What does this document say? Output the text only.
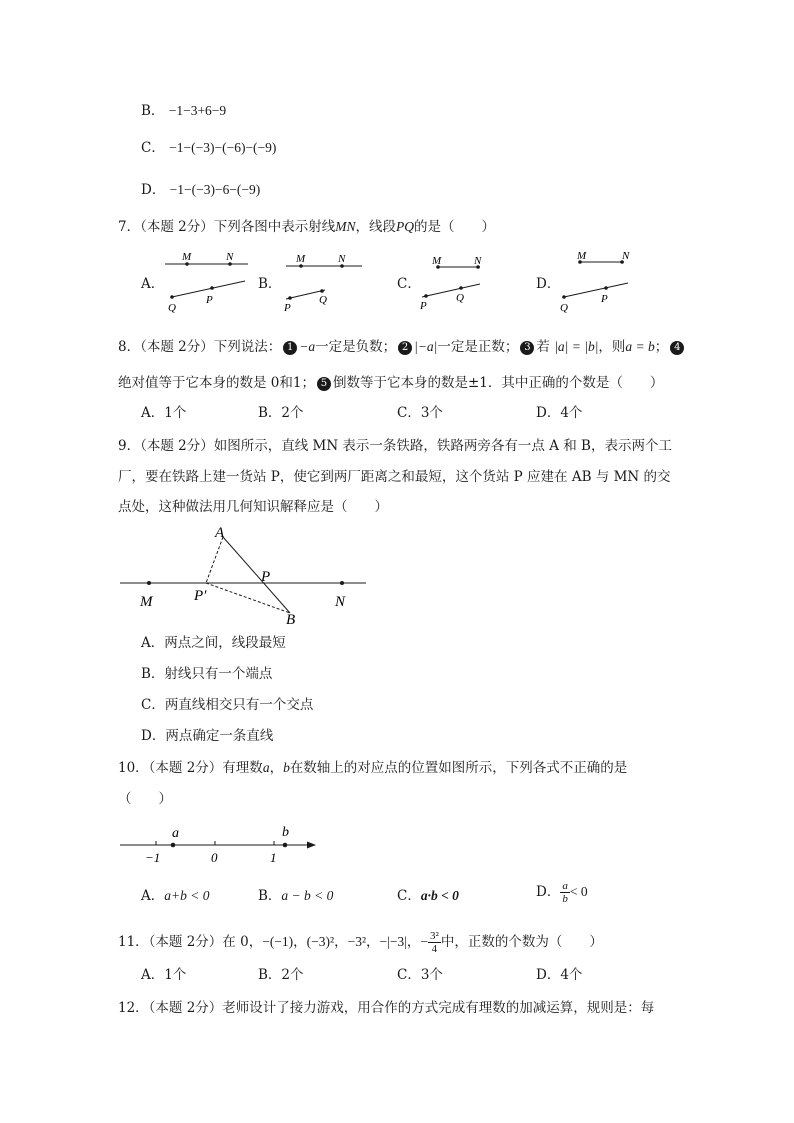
B． −1−3+6−9
C． −1−(−3)−(−6)−(−9)
D． −1−(−3)−6−(−9)
7．（本题 2分）下列各图中表示射线MN，线段PQ的是（　　）
A．	B．	C．	D．
M	N
Q
P
M	N
P
Q
M	N
P
Q
M	N
Q
P
8．（本题 2分）下列说法： 1 −a一定是负数； 2 |−a|一定是正数； 3 若 |a| = |b|，则a = b； 4
绝对值等于它本身的数是 0和1； 5 倒数等于它本身的数是±1．其中正确的个数是（　　）
A．1个	B．2个	C．3个	D．4个
9．（本题 2分）如图所示，直线 MN 表示一条铁路，铁路两旁各有一点 A 和 B，表示两个工
厂，要在铁路上建一货站 P，使它到两厂距离之和最短，这个货站 P 应建在 AB 与 MN 的交
点处，这种做法用几何知识解释应是（　　）
A
B
P
P′
M	N
A．两点之间，线段最短
B．射线只有一个端点
C．两直线相交只有一个交点
D．两点确定一条直线
10．（本题 2分）有理数a，b在数轴上的对应点的位置如图所示，下列各式不正确的是
（　　）
a	b
−1	0	1
A．a+b < 0	B．a − b < 0	C．a·b < 0	D． $\frac{a}{b} < 0$
11．（本题 2分）在 0，−(−1)，(−3)²，−3²，−|−3|，− $\frac{\text{3²}}{4}$ 中，正数的个数为（　　）
A．1个	B．2个	C．3个	D．4个
12．（本题 2分）老师设计了接力游戏，用合作的方式完成有理数的加减运算，规则是：每
